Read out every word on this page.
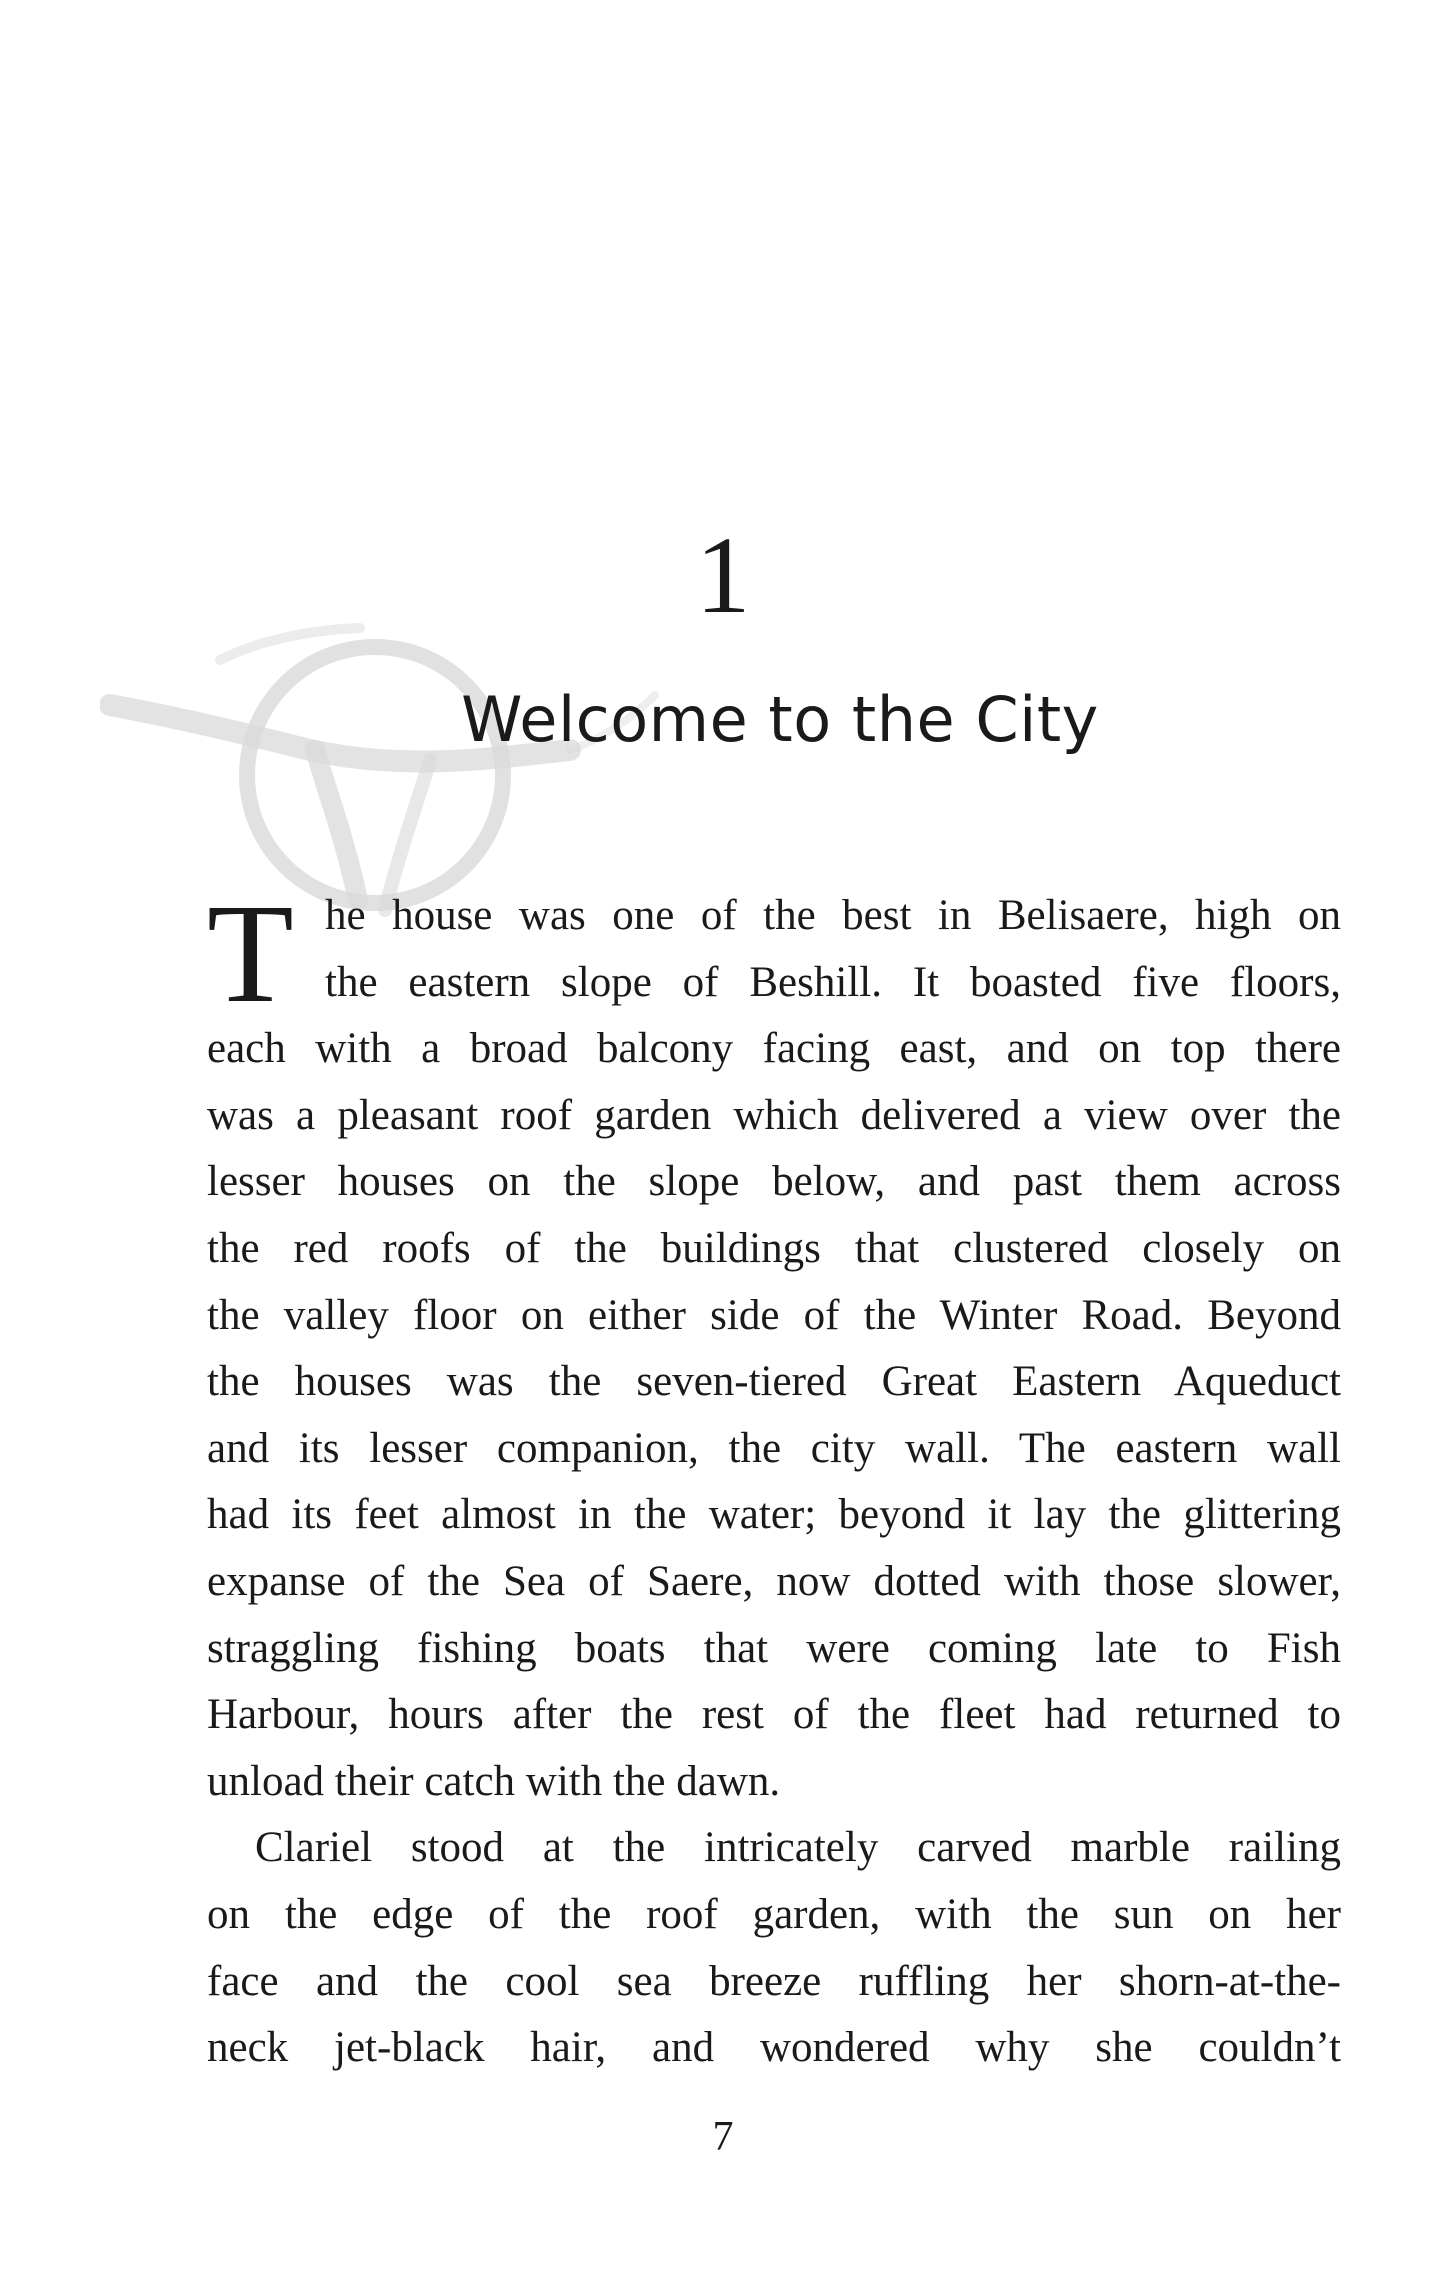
1
Welcome to the City
T he house was one of the best in Belisaere, high on
the eastern slope of Beshill. It boasted five floors,
each with a broad balcony facing east, and on top there
was a pleasant roof garden which delivered a view over the
lesser houses on the slope below, and past them across
the red roofs of the buildings that clustered closely on
the valley floor on either side of the Winter Road. Beyond
the houses was the seven-tiered Great Eastern Aqueduct
and its lesser companion, the city wall. The eastern wall
had its feet almost in the water; beyond it lay the glittering
expanse of the Sea of Saere, now dotted with those slower,
straggling fishing boats that were coming late to Fish
Harbour, hours after the rest of the fleet had returned to
unload their catch with the dawn.
Clariel stood at the intricately carved marble railing
on the edge of the roof garden, with the sun on her
face and the cool sea breeze ruffling her shorn-at-the-
neck jet-black hair, and wondered why she couldn’t
7
